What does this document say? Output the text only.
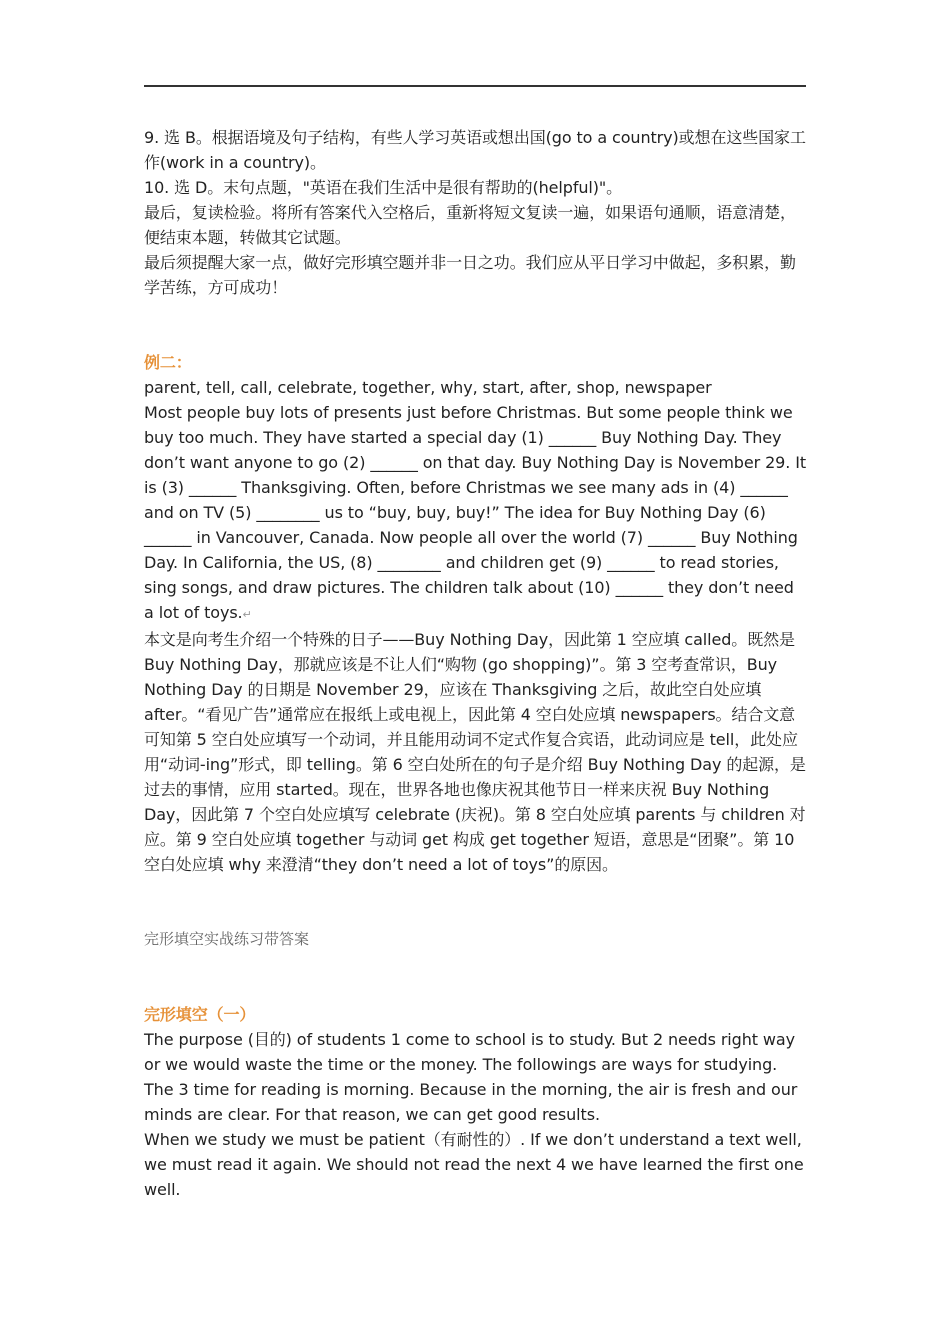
9. 选 B。根据语境及句子结构，有些人学习英语或想出国(go to a country)或想在这些国家工作(work in a country)。

10. 选 D。末句点题，"英语在我们生活中是很有帮助的(helpful)"。

最后，复读检验。将所有答案代入空格后，重新将短文复读一遍，如果语句通顺，语意清楚，便结束本题，转做其它试题。

最后须提醒大家一点，做好完形填空题并非一日之功。我们应从平日学习中做起，多积累，勤学苦练，方可成功！

例二：

parent, tell, call, celebrate, together, why, start, after, shop, newspaper

Most people buy lots of presents just before Christmas. But some people think we buy too much. They have started a special day (1) ______ Buy Nothing Day. They don’t want anyone to go (2) ______ on that day. Buy Nothing Day is November 29. It is (3) ______ Thanksgiving. Often, before Christmas we see many ads in (4) ______ and on TV (5) ________ us to “buy, buy, buy!” The idea for Buy Nothing Day (6) ______ in Vancouver, Canada. Now people all over the world (7) ______ Buy Nothing Day. In California, the US, (8) ________ and children get (9) ______ to read stories, sing songs, and draw pictures. The children talk about (10) ______ they don’t need a lot of toys.↵

本文是向考生介绍一个特殊的日子——Buy Nothing Day，因此第 1 空应填 called。既然是 Buy Nothing Day，那就应该是不让人们“购物 (go shopping)”。第 3 空考查常识，Buy Nothing Day 的日期是 November 29，应该在 Thanksgiving 之后，故此空白处应填 after。“看见广告”通常应在报纸上或电视上，因此第 4 空白处应填 newspapers。结合文意可知第 5 空白处应填写一个动词，并且能用动词不定式作复合宾语，此动词应是 tell，此处应用“动词-ing”形式，即 telling。第 6 空白处所在的句子是介绍 Buy Nothing Day 的起源，是过去的事情，应用 started。现在，世界各地也像庆祝其他节日一样来庆祝 Buy Nothing Day，因此第 7 个空白处应填写 celebrate (庆祝)。第 8 空白处应填 parents 与 children 对应。第 9 空白处应填 together 与动词 get 构成 get together 短语，意思是“团聚”。第 10 空白处应填 why 来澄清“they don’t need a lot of toys”的原因。

完形填空实战练习带答案

完形填空（一）

The purpose (目的) of students 1 come to school is to study. But 2 needs right way or we would waste the time or the money. The followings are ways for studying. The 3 time for reading is morning. Because in the morning, the air is fresh and our minds are clear. For that reason, we can get good results.

When we study we must be patient（有耐性的）. If we don’t understand a text well, we must read it again. We should not read the next 4 we have learned the first one well.
